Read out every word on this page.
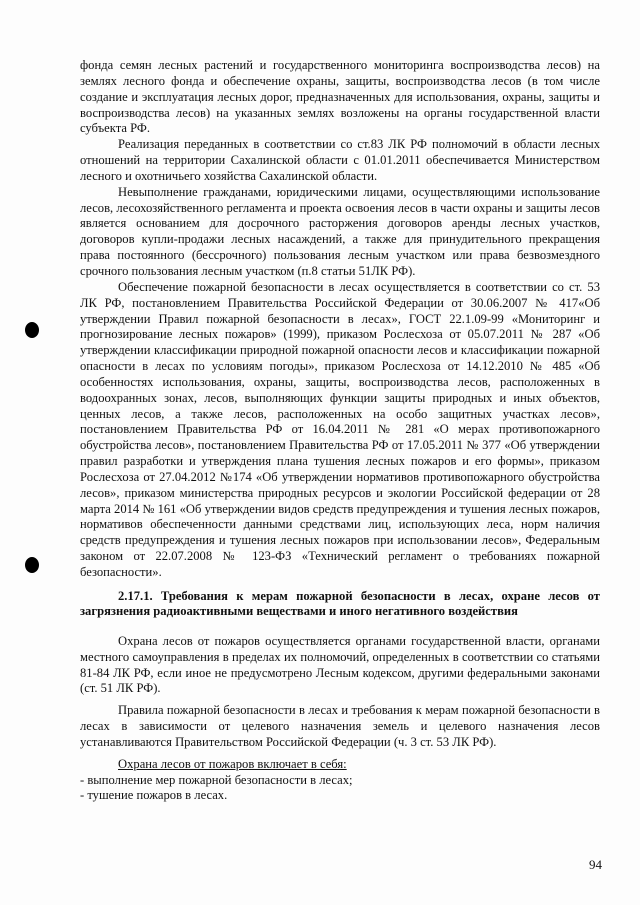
фонда семян лесных растений и государственного мониторинга воспроизводства лесов) на землях лесного фонда и обеспечение охраны, защиты, воспроизводства лесов (в том числе создание и эксплуатация лесных дорог, предназначенных для использования, охраны, защиты и воспроизводства лесов) на указанных землях возложены на органы государственной власти субъекта РФ.

Реализация переданных в соответствии со ст.83 ЛК РФ полномочий в области лесных отношений на территории Сахалинской области с 01.01.2011 обеспечивается Министерством лесного и охотничьего хозяйства Сахалинской области.

Невыполнение гражданами, юридическими лицами, осуществляющими использование лесов, лесохозяйственного регламента и проекта освоения лесов в части охраны и защиты лесов является основанием для досрочного расторжения договоров аренды лесных участков, договоров купли-продажи лесных насаждений, а также для принудительного прекращения права постоянного (бессрочного) пользования лесным участком или права безвозмездного срочного пользования лесным участком (п.8 статьи 51ЛК РФ).

Обеспечение пожарной безопасности в лесах осуществляется в соответствии со ст. 53 ЛК РФ, постановлением Правительства Российской Федерации от 30.06.2007 № 417«Об утверждении Правил пожарной безопасности в лесах», ГОСТ 22.1.09-99 «Мониторинг и прогнозирование лесных пожаров» (1999), приказом Рослесхоза от 05.07.2011 № 287 «Об утверждении классификации природной пожарной опасности лесов и классификации пожарной опасности в лесах по условиям погоды», приказом Рослесхоза от 14.12.2010 № 485 «Об особенностях использования, охраны, защиты, воспроизводства лесов, расположенных в водоохранных зонах, лесов, выполняющих функции защиты природных и иных объектов, ценных лесов, а также лесов, расположенных на особо защитных участках лесов», постановлением Правительства РФ от 16.04.2011 № 281 «О мерах противопожарного обустройства лесов», постановлением Правительства РФ от 17.05.2011 № 377 «Об утверждении правил разработки и утверждения плана тушения лесных пожаров и его формы», приказом Рослесхоза от 27.04.2012 №174 «Об утверждении нормативов противопожарного обустройства лесов», приказом министерства природных ресурсов и экологии Российской федерации от 28 марта 2014 № 161 «Об утверждении видов средств предупреждения и тушения лесных пожаров, нормативов обеспеченности данными средствами лиц, использующих леса, норм наличия средств предупреждения и тушения лесных пожаров при использовании лесов», Федеральным законом от 22.07.2008 № 123-ФЗ «Технический регламент о требованиях пожарной безопасности».

2.17.1. Требования к мерам пожарной безопасности в лесах, охране лесов от загрязнения радиоактивными веществами и иного негативного воздействия

Охрана лесов от пожаров осуществляется органами государственной власти, органами местного самоуправления в пределах их полномочий, определенных в соответствии со статьями 81-84 ЛК РФ, если иное не предусмотрено Лесным кодексом, другими федеральными законами (ст. 51 ЛК РФ).

Правила пожарной безопасности в лесах и требования к мерам пожарной безопасности в лесах в зависимости от целевого назначения земель и целевого назначения лесов устанавливаются Правительством Российской Федерации (ч. 3 ст. 53 ЛК РФ).

Охрана лесов от пожаров включает в себя:

- выполнение мер пожарной безопасности в лесах;

- тушение пожаров в лесах.

94
